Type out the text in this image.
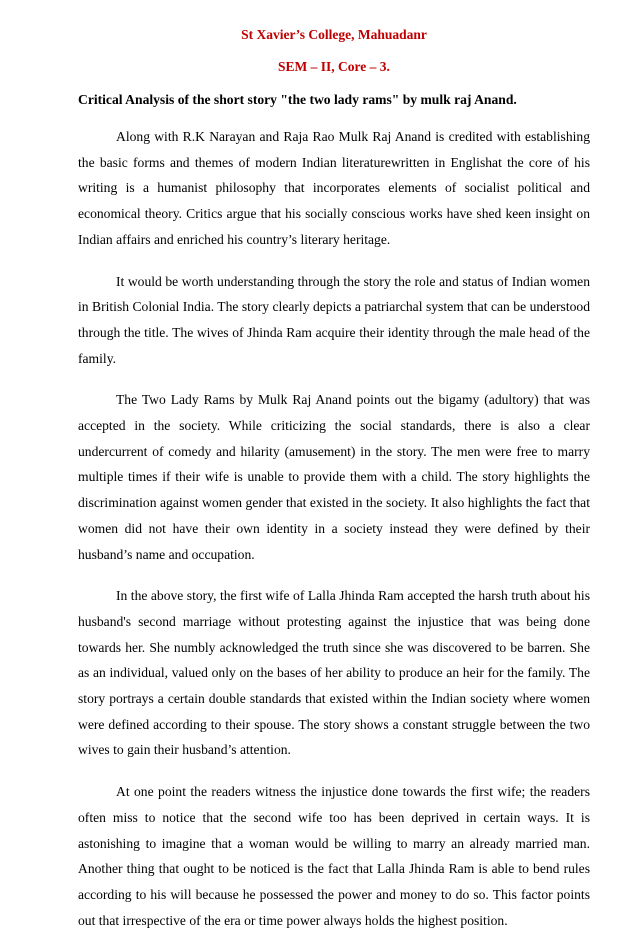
St Xavier’s College, Mahuadanr

SEM – II, Core – 3.

Critical Analysis of the short story "the two lady rams" by mulk raj Anand.

Along with R.K Narayan and Raja Rao Mulk Raj Anand is credited with establishing the basic forms and themes of modern Indian literaturewritten in Englishat the core of his writing is a humanist philosophy that incorporates elements of socialist political and economical theory. Critics argue that his socially conscious works have shed keen insight on Indian affairs and enriched his country’s literary heritage.

It would be worth understanding through the story the role and status of Indian women in British Colonial India. The story clearly depicts a patriarchal system that can be understood through the title. The wives of Jhinda Ram acquire their identity through the male head of the family.

The Two Lady Rams by Mulk Raj Anand points out the bigamy (adultory) that was accepted in the society. While criticizing the social standards, there is also a clear undercurrent of comedy and hilarity (amusement) in the story. The men were free to marry multiple times if their wife is unable to provide them with a child. The story highlights the discrimination against women gender that existed in the society. It also highlights the fact that women did not have their own identity in a society instead they were defined by their husband’s name and occupation.

In the above story, the first wife of Lalla Jhinda Ram accepted the harsh truth about his husband's second marriage without protesting against the injustice that was being done towards her. She numbly acknowledged the truth since she was discovered to be barren. She as an individual, valued only on the bases of her ability to produce an heir for the family. The story portrays a certain double standards that existed within the Indian society where women were defined according to their spouse. The story shows a constant struggle between the two wives to gain their husband’s attention.

At one point the readers witness the injustice done towards the first wife; the readers often miss to notice that the second wife too has been deprived in certain ways. It is astonishing to imagine that a woman would be willing to marry an already married man. Another thing that ought to be noticed is the fact that Lalla Jhinda Ram is able to bend rules according to his will because he possessed the power and money to do so. This factor points out that irrespective of the era or time power always holds the highest position.
